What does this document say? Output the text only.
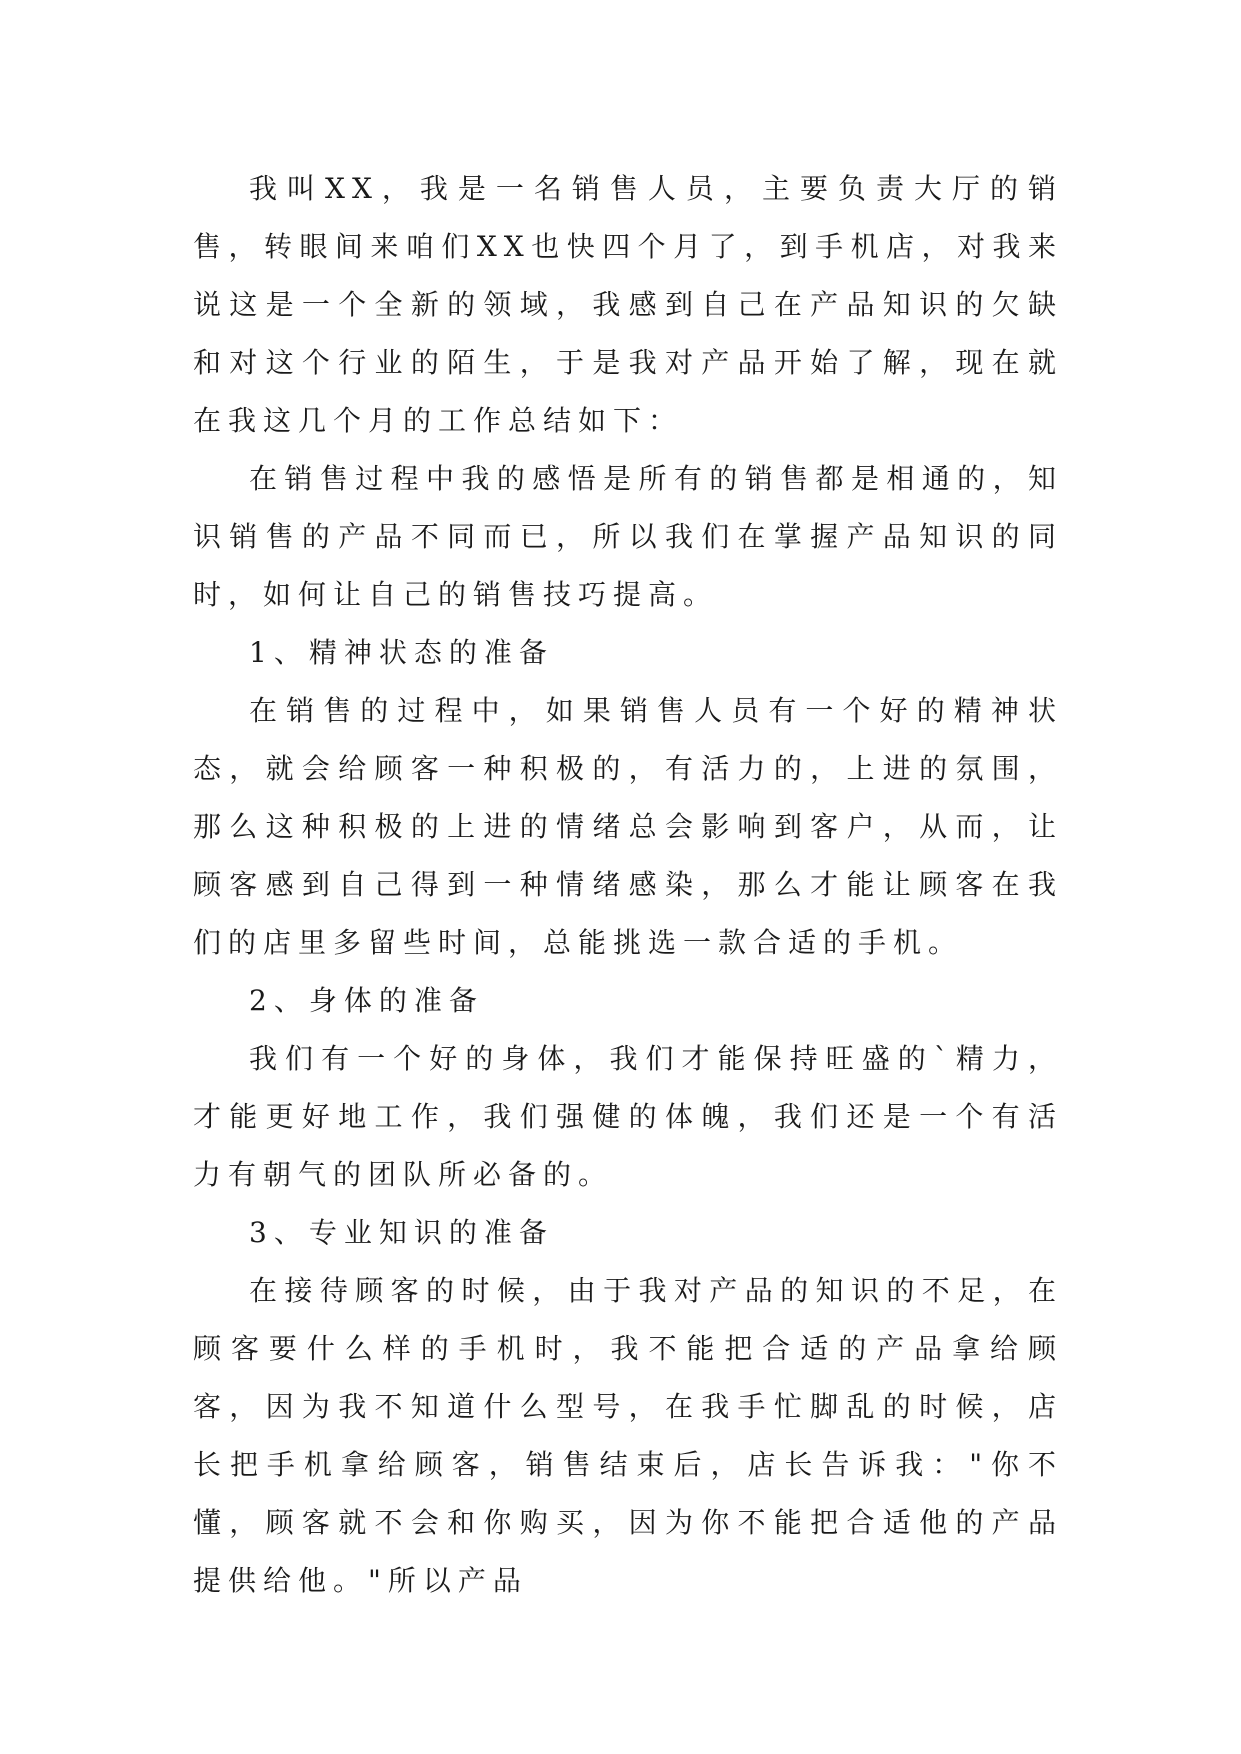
我叫XX，我是一名销售人员，主要负责大厅的销售，转眼间来咱们XX也快四个月了，到手机店，对我来说这是一个全新的领域，我感到自己在产品知识的欠缺和对这个行业的陌生，于是我对产品开始了解，现在就在我这几个月的工作总结如下：

在销售过程中我的感悟是所有的销售都是相通的，知识销售的产品不同而已，所以我们在掌握产品知识的同时，如何让自己的销售技巧提高。

1、精神状态的准备

在销售的过程中，如果销售人员有一个好的精神状态，就会给顾客一种积极的，有活力的，上进的氛围，那么这种积极的上进的情绪总会影响到客户，从而，让顾客感到自己得到一种情绪感染，那么才能让顾客在我们的店里多留些时间，总能挑选一款合适的手机。

2、身体的准备

我们有一个好的身体，我们才能保持旺盛的`精力，才能更好地工作，我们强健的体魄，我们还是一个有活力有朝气的团队所必备的。

3、专业知识的准备

在接待顾客的时候，由于我对产品的知识的不足，在顾客要什么样的手机时，我不能把合适的产品拿给顾客，因为我不知道什么型号，在我手忙脚乱的时候，店长把手机拿给顾客，销售结束后，店长告诉我："你不懂，顾客就不会和你购买，因为你不能把合适他的产品提供给他。"所以产品
